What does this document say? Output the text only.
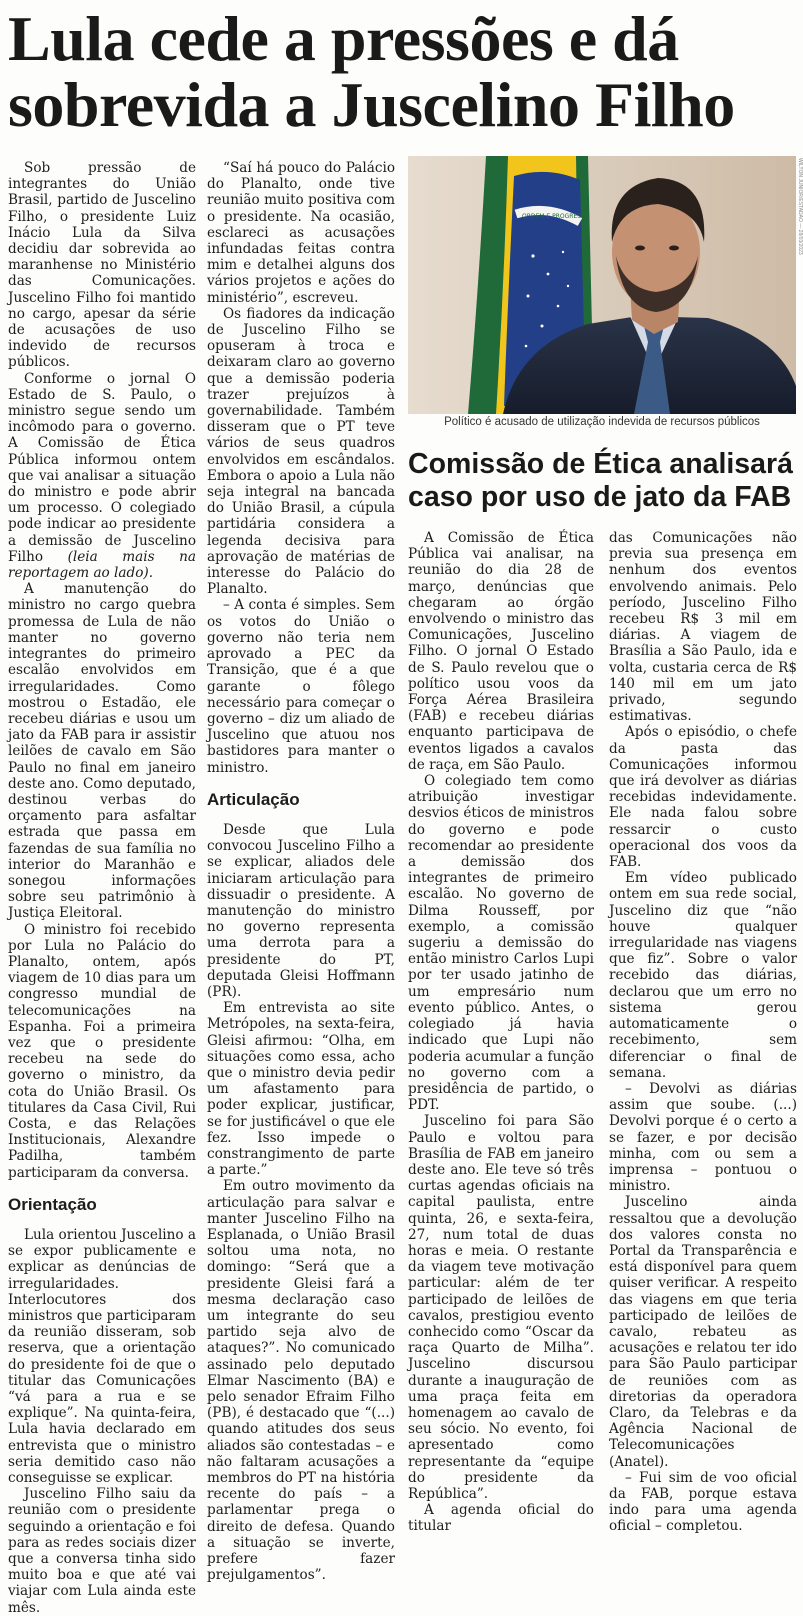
Lula cede a pressões e dá sobrevida a Juscelino Filho

Sob pressão de integrantes do União Brasil, partido de Juscelino Filho, o presidente Luiz Inácio Lula da Silva decidiu dar sobrevida ao maranhense no Ministério das Comunicações. Juscelino Filho foi mantido no cargo, apesar da série de acusações de uso indevido de recursos públicos.

Conforme o jornal O Estado de S. Paulo, o ministro segue sendo um incômodo para o governo. A Comissão de Ética Pública informou ontem que vai analisar a situação do ministro e pode abrir um processo. O colegiado pode indicar ao presidente a demissão de Juscelino Filho (leia mais na reportagem ao lado).

A manutenção do ministro no cargo quebra promessa de Lula de não manter no governo integrantes do primeiro escalão envolvidos em irregularidades. Como mostrou o Estadão, ele recebeu diárias e usou um jato da FAB para ir assistir leilões de cavalo em São Paulo no final em janeiro deste ano. Como deputado, destinou verbas do orçamento para asfaltar estrada que passa em fazendas de sua família no interior do Maranhão e sonegou informações sobre seu patrimônio à Justiça Eleitoral.

O ministro foi recebido por Lula no Palácio do Planalto, ontem, após viagem de 10 dias para um congresso mundial de telecomunicações na Espanha. Foi a primeira vez que o presidente recebeu na sede do governo o ministro, da cota do União Brasil. Os titulares da Casa Civil, Rui Costa, e das Relações Institucionais, Alexandre Padilha, também participaram da conversa.

Orientação

Lula orientou Juscelino a se expor publicamente e explicar as denúncias de irregularidades. Interlocutores dos ministros que participaram da reunião disseram, sob reserva, que a orientação do presidente foi de que o titular das Comunicações “vá para a rua e se explique”. Na quinta-feira, Lula havia declarado em entrevista que o ministro seria demitido caso não conseguisse se explicar.

Juscelino Filho saiu da reunião com o presidente seguindo a orientação e foi para as redes sociais dizer que a conversa tinha sido muito boa e que até vai viajar com Lula ainda este mês.

“Saí há pouco do Palácio do Planalto, onde tive reunião muito positiva com o presidente. Na ocasião, esclareci as acusações infundadas feitas contra mim e detalhei alguns dos vários projetos e ações do ministério”, escreveu.

Os fiadores da indicação de Juscelino Filho se opuseram à troca e deixaram claro ao governo que a demissão poderia trazer prejuízos à governabilidade. Também disseram que o PT teve vários de seus quadros envolvidos em escândalos. Embora o apoio a Lula não seja integral na bancada do União Brasil, a cúpula partidária considera a legenda decisiva para aprovação de matérias de interesse do Palácio do Planalto.

– A conta é simples. Sem os votos do União o governo não teria nem aprovado a PEC da Transição, que é a que garante o fôlego necessário para começar o governo – diz um aliado de Juscelino que atuou nos bastidores para manter o ministro.

Articulação

Desde que Lula convocou Juscelino Filho a se explicar, aliados dele iniciaram articulação para dissuadir o presidente. A manutenção do ministro no governo representa uma derrota para a presidente do PT, deputada Gleisi Hoffmann (PR).

Em entrevista ao site Metrópoles, na sexta-feira, Gleisi afirmou: “Olha, em situações como essa, acho que o ministro devia pedir um afastamento para poder explicar, justificar, se for justificável o que ele fez. Isso impede o constrangimento de parte a parte.”

Em outro movimento da articulação para salvar e manter Juscelino Filho na Esplanada, o União Brasil soltou uma nota, no domingo: “Será que a presidente Gleisi fará a mesma declaração caso um integrante do seu partido seja alvo de ataques?”. No comunicado assinado pelo deputado Elmar Nascimento (BA) e pelo senador Efraim Filho (PB), é destacado que “(...) quando atitudes dos seus aliados são contestadas – e não faltaram acusações a membros do PT na história recente do país – a parlamentar prega o direito de defesa. Quando a situação se inverte, prefere fazer prejulgamentos”.

ORDEM E PROGRESSO	WILTON JUNIOR/ESTADÃO — 28/03/2023
Político é acusado de utilização indevida de recursos públicos
Comissão de Ética analisará caso por uso de jato da FAB

A Comissão de Ética Pública vai analisar, na reunião do dia 28 de março, denúncias que chegaram ao órgão envolvendo o ministro das Comunicações, Juscelino Filho. O jornal O Estado de S. Paulo revelou que o político usou voos da Força Aérea Brasileira (FAB) e recebeu diárias enquanto participava de eventos ligados a cavalos de raça, em São Paulo.

O colegiado tem como atribuição investigar desvios éticos de ministros do governo e pode recomendar ao presidente a demissão dos integrantes de primeiro escalão. No governo de Dilma Rousseff, por exemplo, a comissão sugeriu a demissão do então ministro Carlos Lupi por ter usado jatinho de um empresário num evento público. Antes, o colegiado já havia indicado que Lupi não poderia acumular a função no governo com a presidência de partido, o PDT.

Juscelino foi para São Paulo e voltou para Brasília de FAB em janeiro deste ano. Ele teve só três curtas agendas oficiais na capital paulista, entre quinta, 26, e sexta-feira, 27, num total de duas horas e meia. O restante da viagem teve motivação particular: além de ter participado de leilões de cavalos, prestigiou evento conhecido como “Oscar da raça Quarto de Milha”. Juscelino discursou durante a inauguração de uma praça feita em homenagem ao cavalo de seu sócio. No evento, foi apresentado como representante da “equipe do presidente da República”.

A agenda oficial do titular

das Comunicações não previa sua presença em nenhum dos eventos envolvendo animais. Pelo período, Juscelino Filho recebeu R$ 3 mil em diárias. A viagem de Brasília a São Paulo, ida e volta, custaria cerca de R$ 140 mil em um jato privado, segundo estimativas.

Após o episódio, o chefe da pasta das Comunicações informou que irá devolver as diárias recebidas indevidamente. Ele nada falou sobre ressarcir o custo operacional dos voos da FAB.

Em vídeo publicado ontem em sua rede social, Juscelino diz que “não houve qualquer irregularidade nas viagens que fiz”. Sobre o valor recebido das diárias, declarou que um erro no sistema gerou automaticamente o recebimento, sem diferenciar o final de semana.

– Devolvi as diárias assim que soube. (...) Devolvi porque é o certo a se fazer, e por decisão minha, com ou sem a imprensa – pontuou o ministro.

Juscelino ainda ressaltou que a devolução dos valores consta no Portal da Transparência e está disponível para quem quiser verificar. A respeito das viagens em que teria participado de leilões de cavalo, rebateu as acusações e relatou ter ido para São Paulo participar de reuniões com as diretorias da operadora Claro, da Telebras e da Agência Nacional de Telecomunicações (Anatel).

– Fui sim de voo oficial da FAB, porque estava indo para uma agenda oficial – completou.
